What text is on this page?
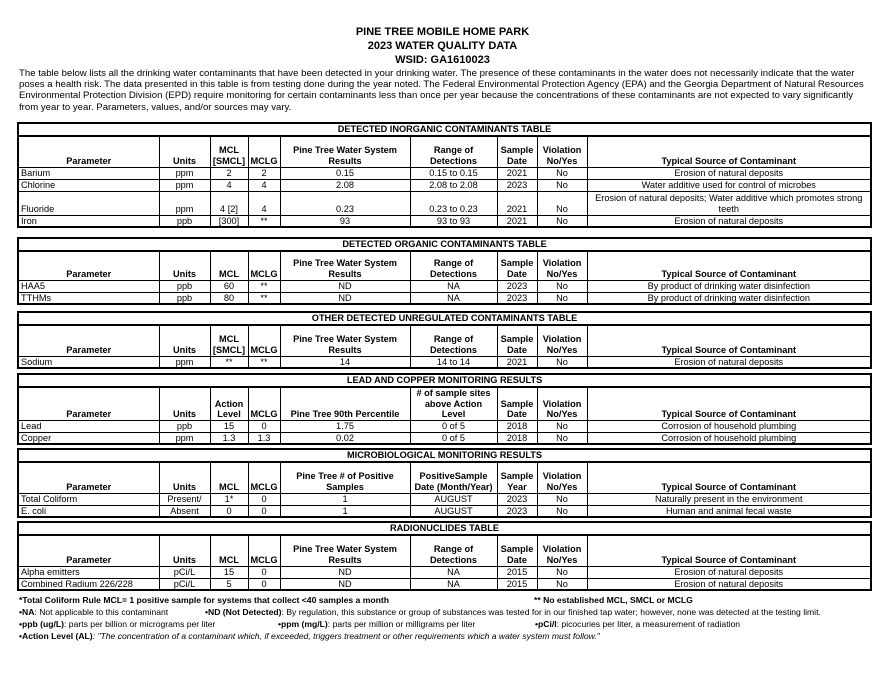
PINE TREE MOBILE HOME PARK
2023 WATER QUALITY DATA
WSID: GA1610023
The table below lists all the drinking water contaminants that have been detected in your drinking water. The presence of these contaminants in the water does not necessarily indicate that the water poses a health risk. The data presented in this table is from testing done during the year noted. The Federal Environmental Protection Agency (EPA) and the Georgia Department of Natural Resources Environmental Protection Division (EPD) require monitoring for certain contaminants less than once per year because the concentrations of these contaminants are not expected to vary significantly from year to year. Parameters, values, and/or sources may vary.
DETECTED INORGANIC CONTAMINANTS TABLE								
Parameter	Units	MCL [SMCL]	MCLG	Pine Tree Water System Results	Range of Detections	Sample Date	Violation No/Yes	Typical Source of Contaminant
Barium	ppm	2	2	0.15	0.15 to 0.15	2021	No	Erosion of natural deposits
Chlorine	ppm	4	4	2.08	2.08 to 2.08	2023	No	Water additive used for control of microbes
Fluoride	ppm	4 [2]	4	0.23	0.23 to 0.23	2021	No	Erosion of natural deposits; Water additive which promotes strong teeth
Iron	ppb	[300]	**	93	93 to 93	2021	No	Erosion of natural deposits
DETECTED ORGANIC CONTAMINANTS TABLE								
Parameter	Units	MCL	MCLG	Pine Tree Water System Results	Range of Detections	Sample Date	Violation No/Yes	Typical Source of Contaminant
HAA5	ppb	60	**	ND	NA	2023	No	By product of drinking water disinfection
TTHMs	ppb	80	**	ND	NA	2023	No	By product of drinking water disinfection
OTHER DETECTED UNREGULATED CONTAMINANTS TABLE								
Parameter	Units	MCL [SMCL]	MCLG	Pine Tree Water System Results	Range of Detections	Sample Date	Violation No/Yes	Typical Source of Contaminant
Sodium	ppm	**	**	14	14 to 14	2021	No	Erosion of natural deposits
LEAD AND COPPER MONITORING RESULTS								
Parameter	Units	Action Level	MCLG	Pine Tree 90th Percentile	# of sample sites above Action Level	Sample Date	Violation No/Yes	Typical Source of Contaminant
Lead	ppb	15	0	1.75	0 of 5	2018	No	Corrosion of household plumbing
Copper	ppm	1.3	1.3	0.02	0 of 5	2018	No	Corrosion of household plumbing
MICROBIOLOGICAL MONITORING RESULTS								
Parameter	Units	MCL	MCLG	Pine Tree # of Positive Samples	PositiveSample Date (Month/Year)	Sample Year	Violation No/Yes	Typical Source of Contaminant
Total Coliform	Present/	1*	0	1	AUGUST	2023	No	Naturally present in the environment
E. coli	Absent	0	0	1	AUGUST	2023	No	Human and animal fecal waste
RADIONUCLIDES TABLE								
Parameter	Units	MCL	MCLG	Pine Tree Water System Results	Range of Detections	Sample Date	Violation No/Yes	Typical Source of Contaminant
Alpha emitters	pCi/L	15	0	ND	NA	2015	No	Erosion of natural deposits
Combined Radium 226/228	pCi/L	5	0	ND	NA	2015	No	Erosion of natural deposits
*Total Coliform Rule MCL= 1 positive sample for systems that collect <40 samples a month	** No established MCL, SMCL or MCLG
•NA: Not applicable to this contaminant	•ND (Not Detected): By regulation, this substance or group of substances was tested for in our finished tap water; however, none was detected at the testing limit.
•ppb (ug/L): parts per billion or micrograms per liter	•ppm (mg/L): parts per million or milligrams per liter	•pCi/l: picocuries per liter, a measurement of radiation
•Action Level (AL): "The concentration of a contaminant which, if exceeded, triggers treatment or other requirements which a water system must follow."
